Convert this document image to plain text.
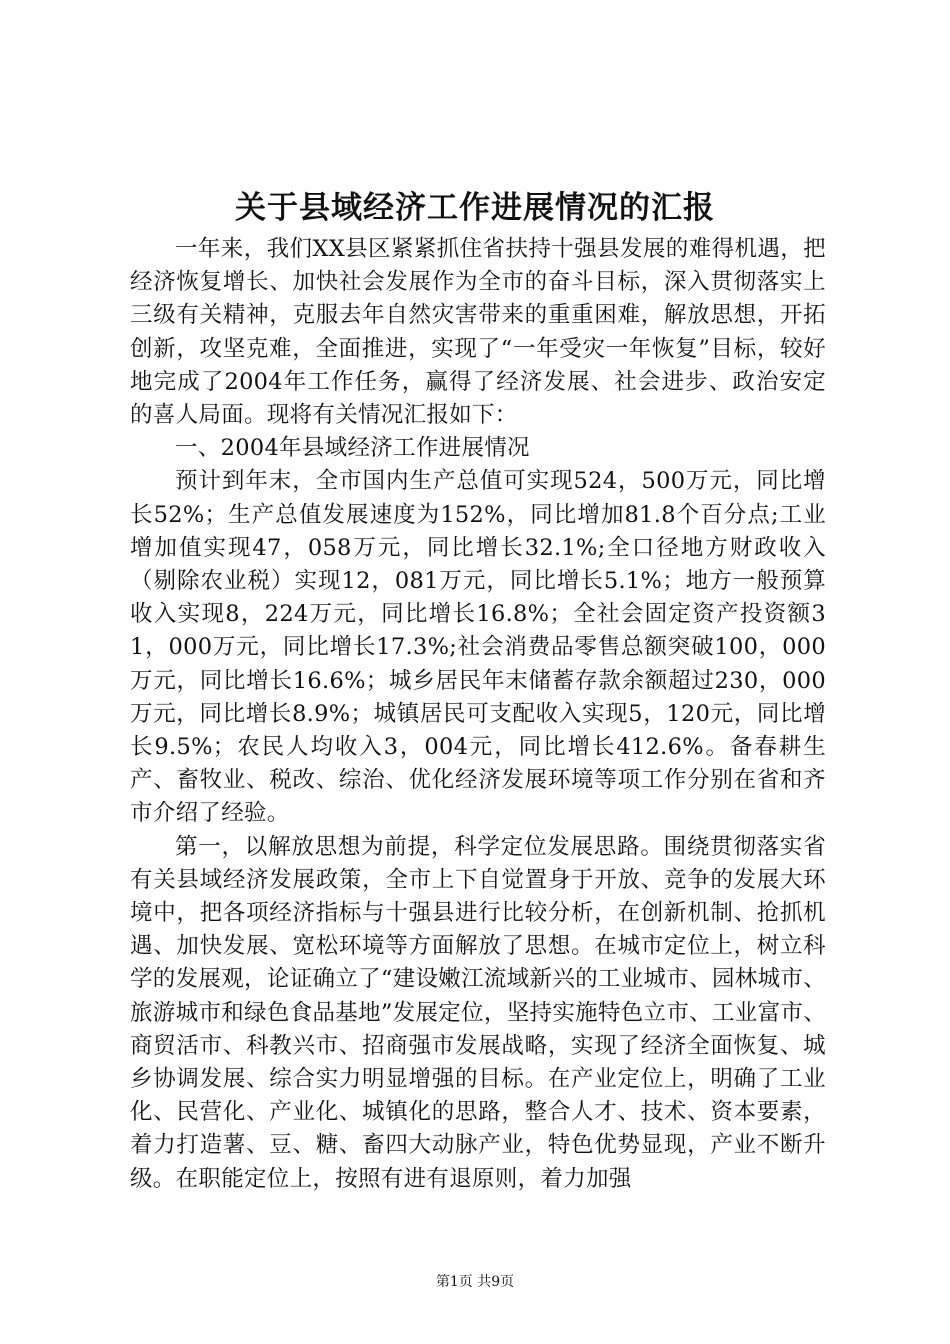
关于县域经济工作进展情况的汇报

一年来，我们XX县区紧紧抓住省扶持十强县发展的难得机遇，把经济恢复增长、加快社会发展作为全市的奋斗目标，深入贯彻落实上三级有关精神，克服去年自然灾害带来的重重困难，解放思想，开拓创新，攻坚克难，全面推进，实现了“一年受灾一年恢复”目标，较好地完成了2004年工作任务，赢得了经济发展、社会进步、政治安定的喜人局面。现将有关情况汇报如下：

一、2004年县域经济工作进展情况

预计到年末，全市国内生产总值可实现524，500万元，同比增长52%；生产总值发展速度为152%，同比增加81.8个百分点;工业增加值实现47，058万元，同比增长32.1%;全口径地方财政收入（剔除农业税）实现12，081万元，同比增长5.1%；地方一般预算收入实现8，224万元，同比增长16.8%；全社会固定资产投资额31，000万元，同比增长17.3%;社会消费品零售总额突破100，000万元，同比增长16.6%；城乡居民年末储蓄存款余额超过230，000万元，同比增长8.9%；城镇居民可支配收入实现5，120元，同比增长9.5%；农民人均收入3，004元，同比增长412.6%。备春耕生产、畜牧业、税改、综治、优化经济发展环境等项工作分别在省和齐市介绍了经验。

第一，以解放思想为前提，科学定位发展思路。围绕贯彻落实省有关县域经济发展政策，全市上下自觉置身于开放、竞争的发展大环境中，把各项经济指标与十强县进行比较分析，在创新机制、抢抓机遇、加快发展、宽松环境等方面解放了思想。在城市定位上，树立科学的发展观，论证确立了“建设嫩江流域新兴的工业城市、园林城市、旅游城市和绿色食品基地”发展定位，坚持实施特色立市、工业富市、商贸活市、科教兴市、招商强市发展战略，实现了经济全面恢复、城乡协调发展、综合实力明显增强的目标。在产业定位上，明确了工业化、民营化、产业化、城镇化的思路，整合人才、技术、资本要素，着力打造薯、豆、糖、畜四大动脉产业，特色优势显现，产业不断升级。在职能定位上，按照有进有退原则，着力加强

第1页 共9页
